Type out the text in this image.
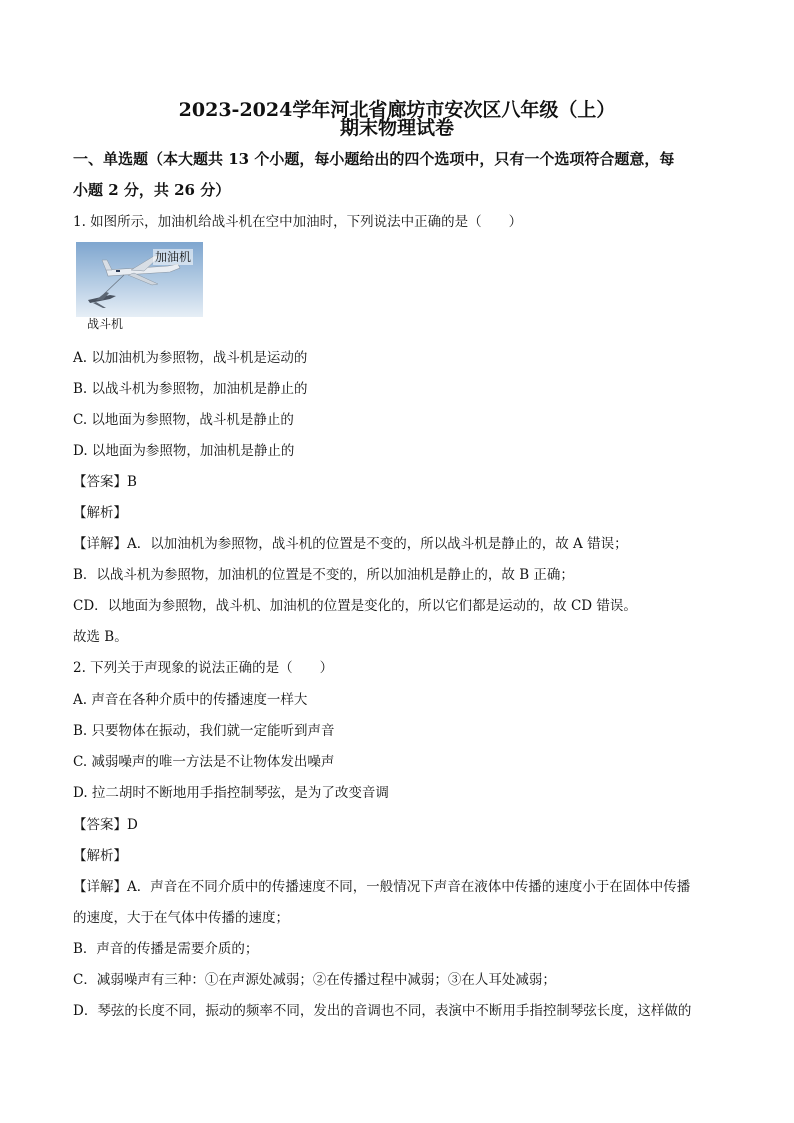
2023-2024学年河北省廊坊市安次区八年级（上）
期末物理试卷
一、单选题（本大题共 13 个小题，每小题给出的四个选项中，只有一个选项符合题意，每
小题 2 分，共 26 分）
1. 如图所示，加油机给战斗机在空中加油时，下列说法中正确的是（　　）
加油机
战斗机
A. 以加油机为参照物，战斗机是运动的
B. 以战斗机为参照物，加油机是静止的
C. 以地面为参照物，战斗机是静止的
D. 以地面为参照物，加油机是静止的
【答案】B
【解析】
【详解】A．以加油机为参照物，战斗机的位置是不变的，所以战斗机是静止的，故 A 错误；
B．以战斗机为参照物，加油机的位置是不变的，所以加油机是静止的，故 B 正确；
CD．以地面为参照物，战斗机、加油机的位置是变化的，所以它们都是运动的，故 CD 错误。
故选 B。
2. 下列关于声现象的说法正确的是（　　）
A. 声音在各种介质中的传播速度一样大
B. 只要物体在振动，我们就一定能听到声音
C. 减弱噪声的唯一方法是不让物体发出噪声
D. 拉二胡时不断地用手指控制琴弦，是为了改变音调
【答案】D
【解析】
【详解】A．声音在不同介质中的传播速度不同，一般情况下声音在液体中传播的速度小于在固体中传播
的速度，大于在气体中传播的速度；
B．声音的传播是需要介质的；
C．减弱噪声有三种：①在声源处减弱；②在传播过程中减弱；③在人耳处减弱；
D．琴弦的长度不同，振动的频率不同，发出的音调也不同，表演中不断用手指控制琴弦长度，这样做的
